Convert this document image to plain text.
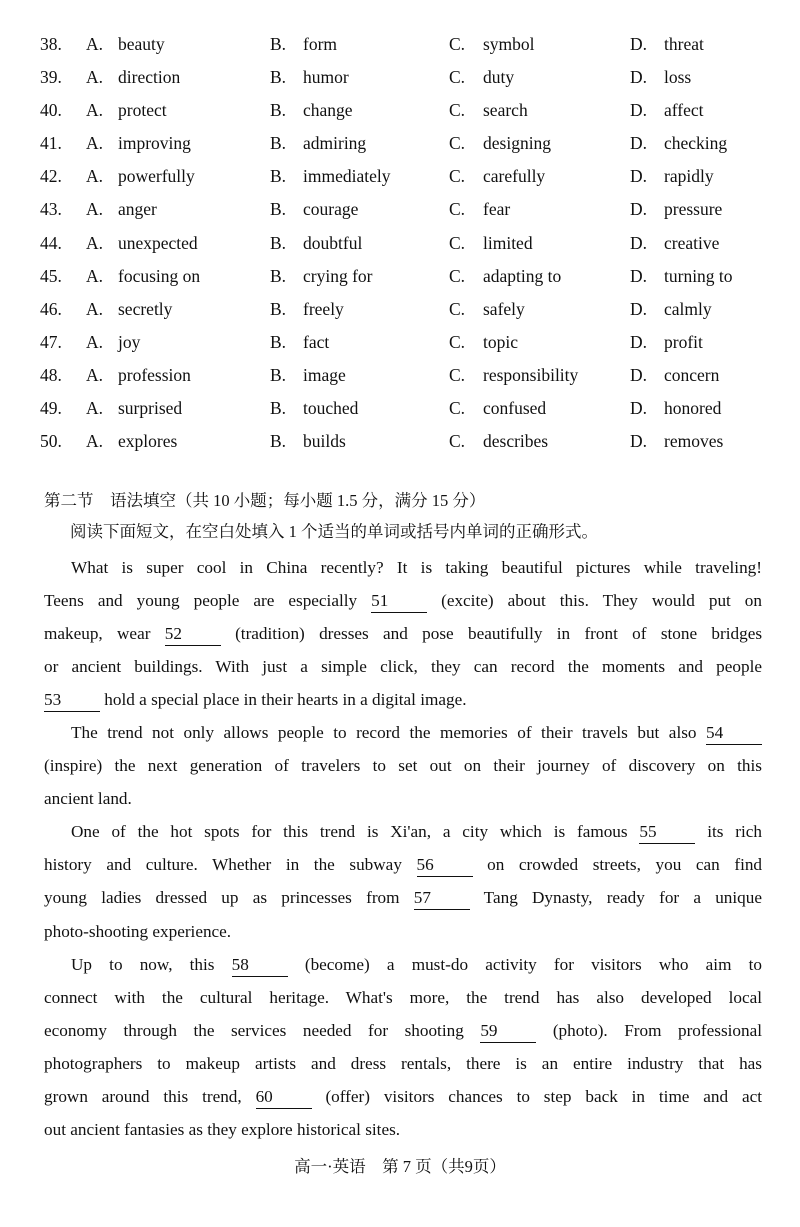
38. A. beauty	B. form	C. symbol	D. threat
39. A. direction	B. humor	C. duty	D. loss
40. A. protect	B. change	C. search	D. affect
41. A. improving	B. admiring	C. designing	D. checking
42. A. powerfully	B. immediately	C. carefully	D. rapidly
43. A. anger	B. courage	C. fear	D. pressure
44. A. unexpected	B. doubtful	C. limited	D. creative
45. A. focusing on	B. crying for	C. adapting to	D. turning to
46. A. secretly	B. freely	C. safely	D. calmly
47. A. joy	B. fact	C. topic	D. profit
48. A. profession	B. image	C. responsibility	D. concern
49. A. surprised	B. touched	C. confused	D. honored
50. A. explores	B. builds	C. describes	D. removes
第二节　语法填空（共 10 小题；每小题 1.5 分，满分 15 分）
阅读下面短文，在空白处填入 1 个适当的单词或括号内单词的正确形式。
What is super cool in China recently? It is taking beautiful pictures while traveling!
Teens and young people are especially 51	(excite) about this. They would put on
makeup, wear 52	(tradition) dresses and pose beautifully in front of stone bridges
or ancient buildings. With just a simple click, they can record the moments and people
53	hold a special place in their hearts in a digital image.
The trend not only allows people to record the memories of their travels but also 54
(inspire) the next generation of travelers to set out on their journey of discovery on this
ancient land.
One of the hot spots for this trend is Xi'an, a city which is famous 55	its rich
history and culture. Whether in the subway 56	on crowded streets, you can find
young ladies dressed up as princesses from 57	Tang Dynasty, ready for a unique
photo-shooting experience.
Up to now, this 58	(become) a must-do activity for visitors who aim to
connect with the cultural heritage. What's more, the trend has also developed local
economy through the services needed for shooting 59	(photo). From professional
photographers to makeup artists and dress rentals, there is an entire industry that has
grown around this trend, 60	(offer) visitors chances to step back in time and act
out ancient fantasies as they explore historical sites.
高一·英语　第 7 页（共9页）
